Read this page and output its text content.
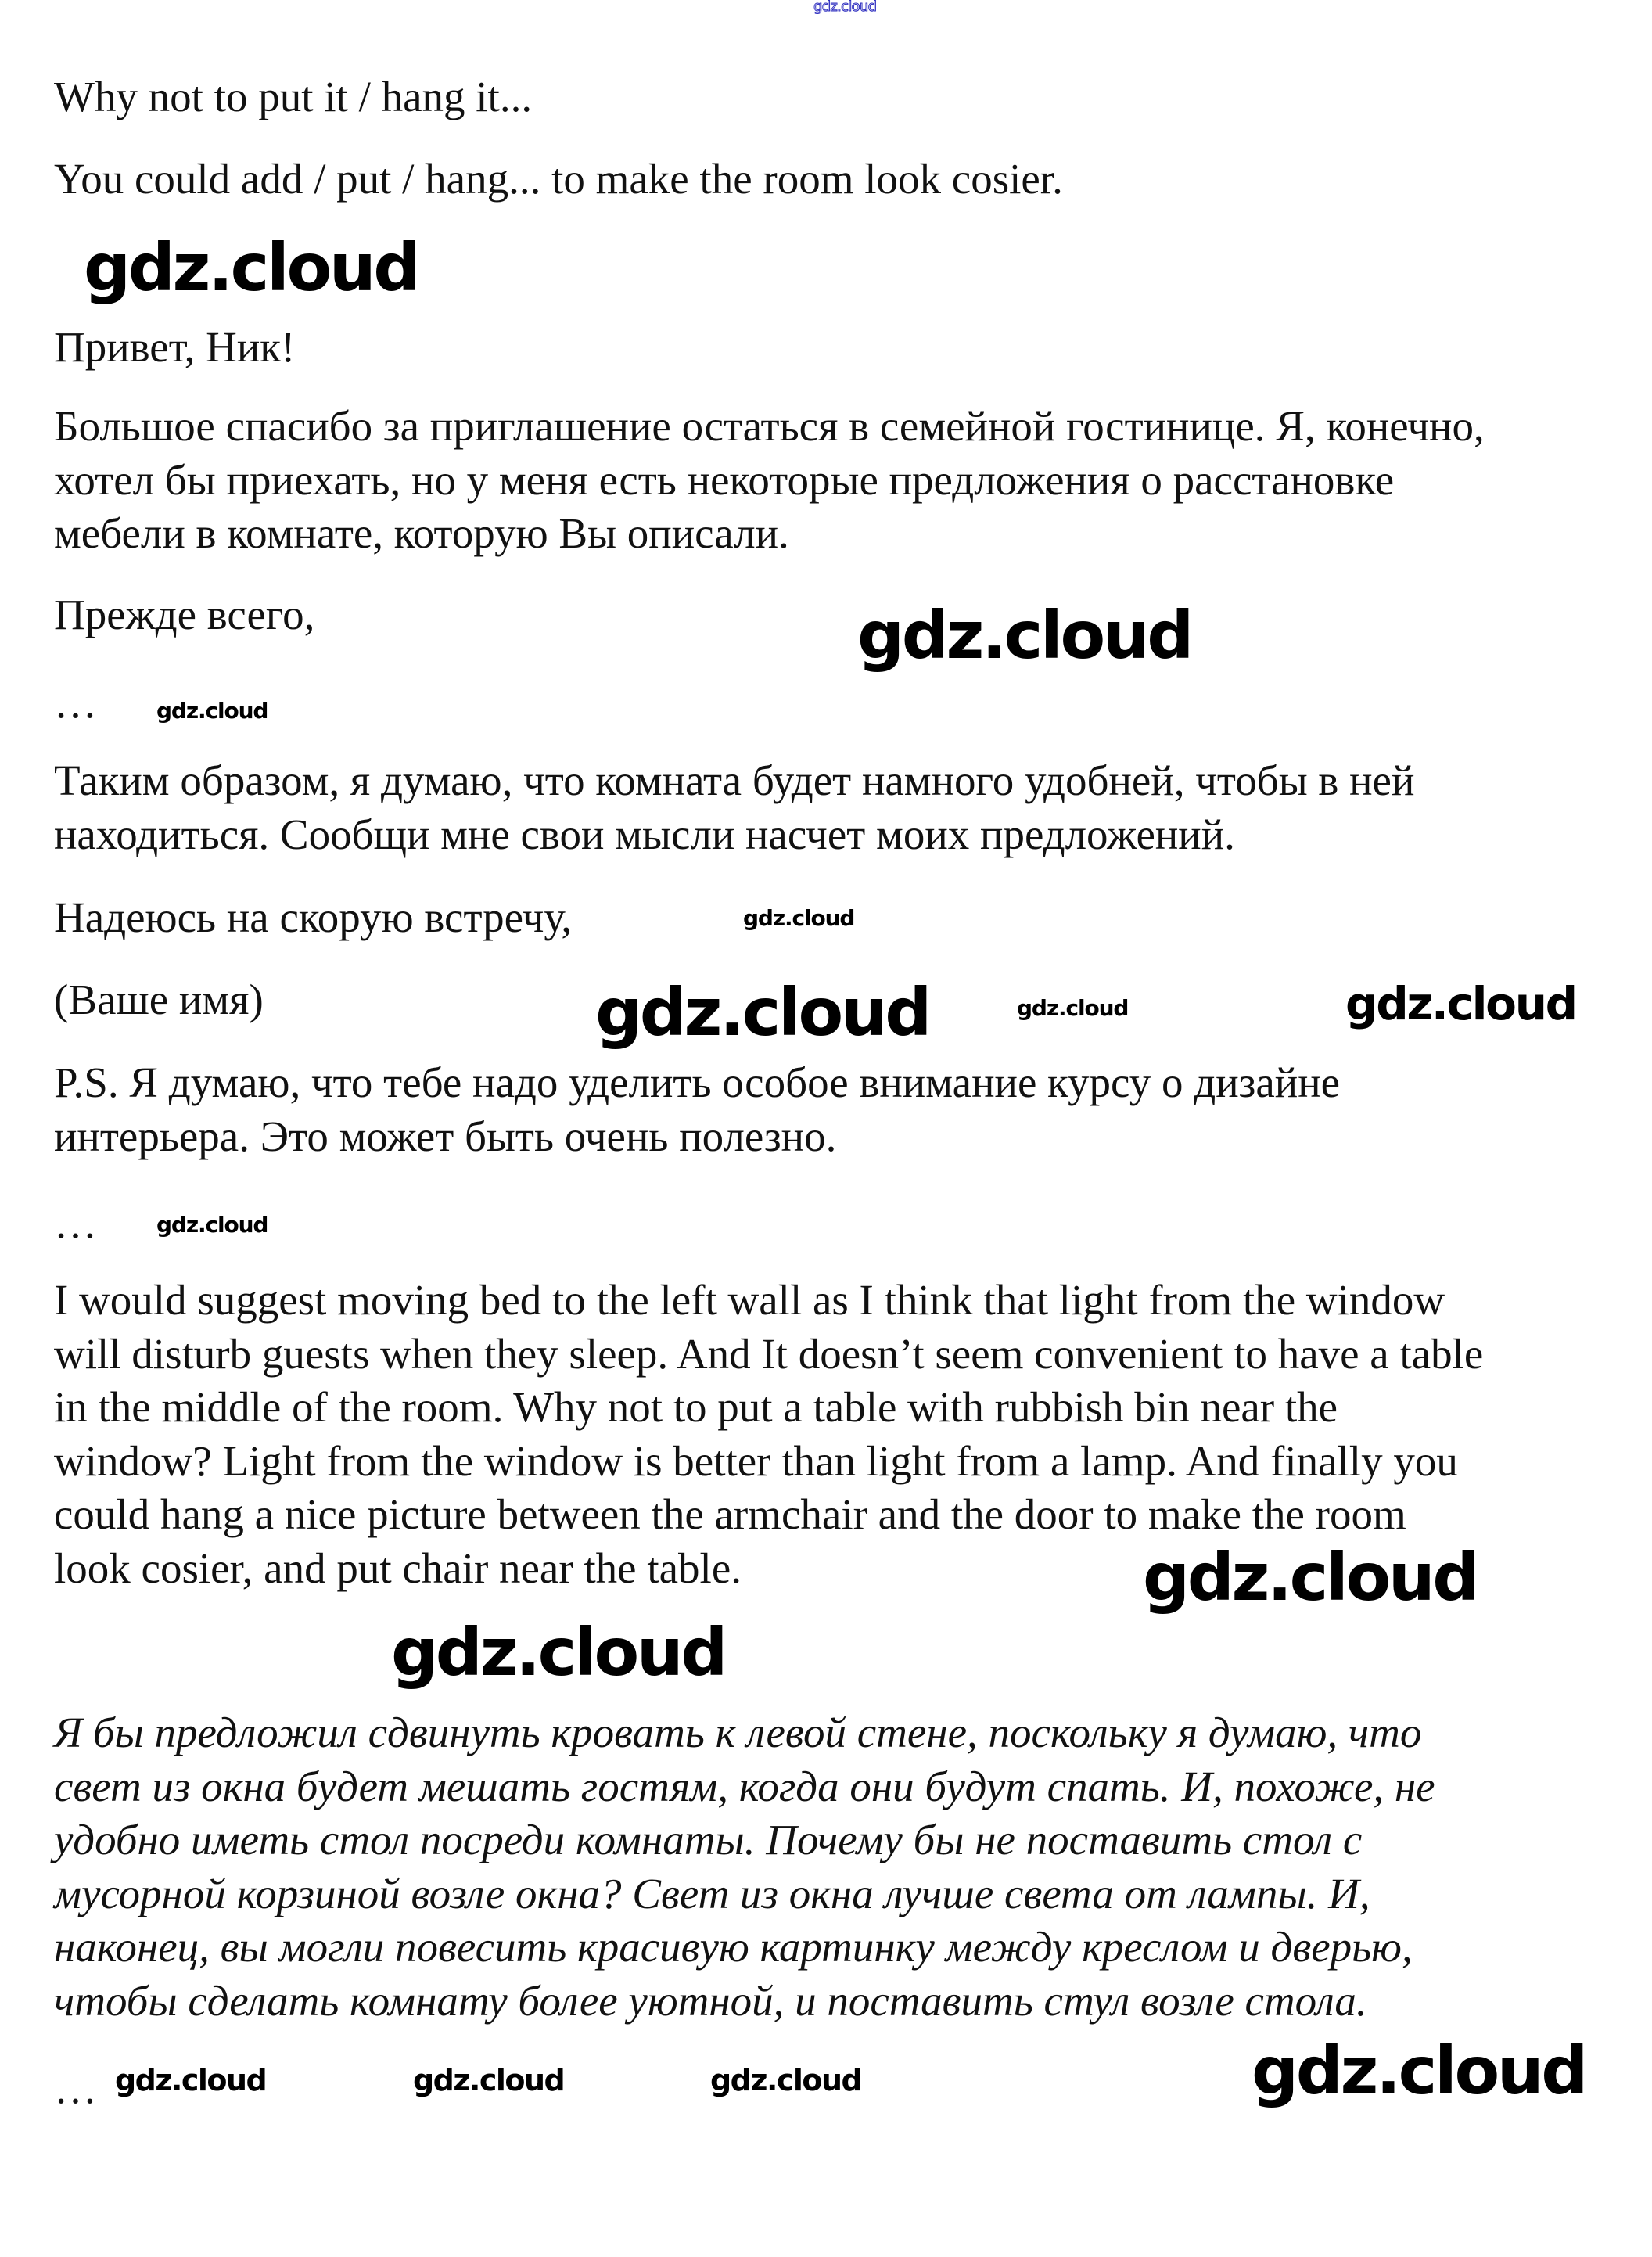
gdz.cloud

Why not to put it / hang it...

You could add / put / hang... to make the room look cosier.

Привет, Ник!

Большое спасибо за приглашение остаться в семейной гостинице. Я, конечно,
хотел бы приехать, но у меня есть некоторые предложения о расстановке
мебели в комнате, которую Вы описали.

Прежде всего,

…

Таким образом, я думаю, что комната будет намного удобней, чтобы в ней
находиться. Сообщи мне свои мысли насчет моих предложений.

Надеюсь на скорую встречу,

(Ваше имя)

P.S. Я думаю, что тебе надо уделить особое внимание курсу о дизайне
интерьера. Это может быть очень полезно.

…

I would suggest moving bed to the left wall as I think that light from the window
will disturb guests when they sleep. And It doesn’t seem convenient to have a table
in the middle of the room. Why not to put a table with rubbish bin near the
window? Light from the window is better than light from a lamp. And finally you
could hang a nice picture between the armchair and the door to make the room
look cosier, and put chair near the table.
Я бы предложил сдвинуть кровать к левой стене, поскольку я думаю, что
свет из окна будет мешать гостям, когда они будут спать. И, похоже, не
удобно иметь стол посреди комнаты. Почему бы не поставить стол с
мусорной корзиной возле окна? Свет из окна лучше света от лампы. И,
наконец, вы могли повесить красивую картинку между креслом и дверью,
чтобы сделать комнату более уютной, и поставить стул возле стола.

…

gdz.cloud
gdz.cloud
gdz.cloud	gdz.cloud
gdz.cloud
gdz.cloud
gdz.cloud
gdz.cloud
gdz.cloud
gdz.cloud
gdz.cloud
gdz.cloud	gdz.cloud	gdz.cloud
